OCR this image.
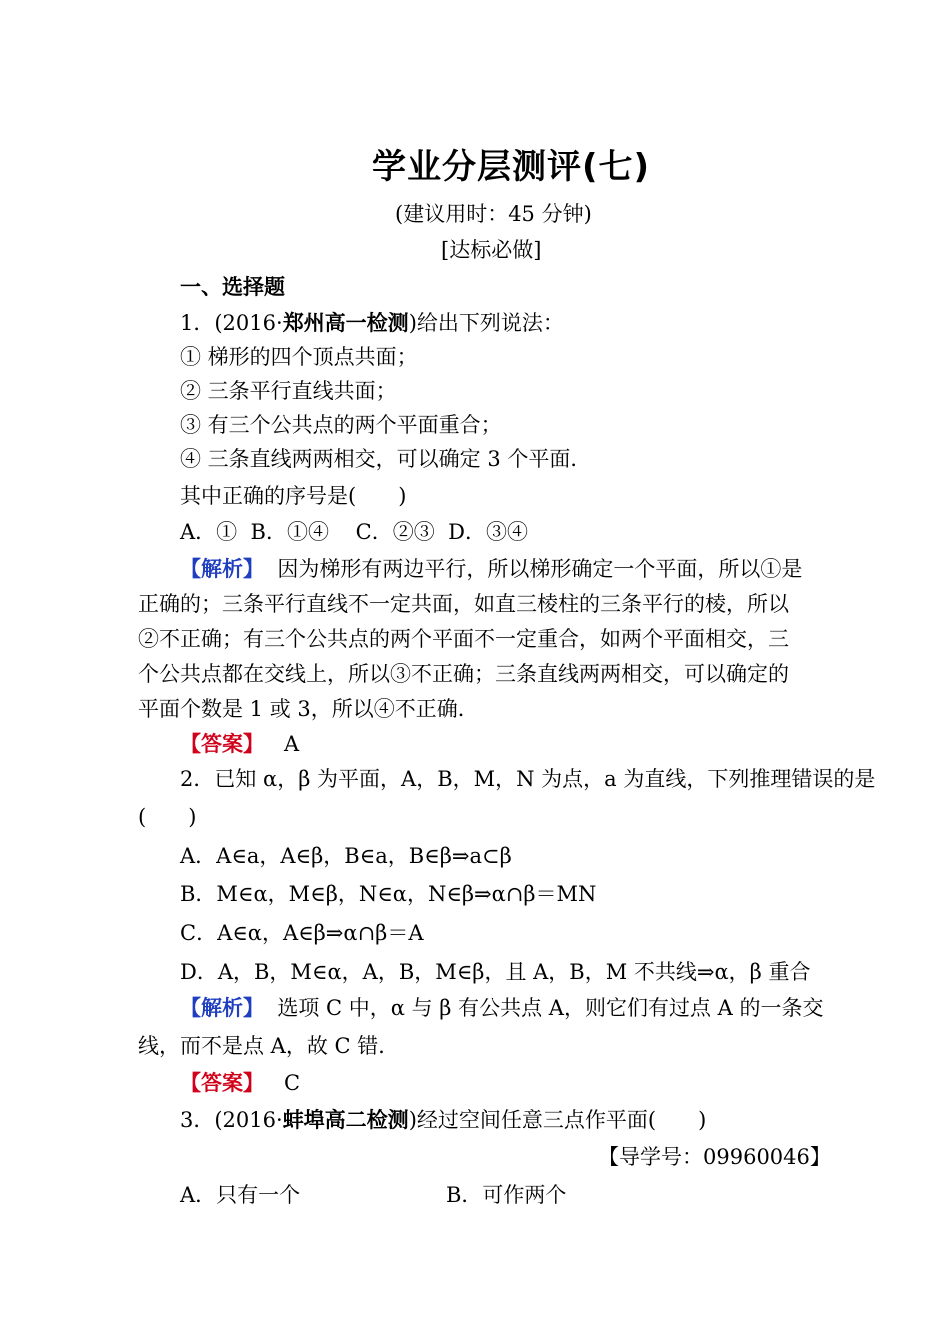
学业分层测评(七)
(建议用时：45 分钟)
[达标必做]
一、选择题
1．(2016·郑州高一检测)给出下列说法：
① 梯形的四个顶点共面；
② 三条平行直线共面；
③ 有三个公共点的两个平面重合；
④ 三条直线两两相交，可以确定 3 个平面．
其中正确的序号是(　　)
A．① B．①④ C．②③ D．③④
【解析】 因为梯形有两边平行，所以梯形确定一个平面，所以①是
正确的；三条平行直线不一定共面，如直三棱柱的三条平行的棱，所以
②不正确；有三个公共点的两个平面不一定重合，如两个平面相交，三
个公共点都在交线上，所以③不正确；三条直线两两相交，可以确定的
平面个数是 1 或 3，所以④不正确．
【答案】 A
2．已知 α，β 为平面，A，B，M，N 为点，a 为直线，下列推理错误的是
(　　)
A．A∈a，A∈β，B∈a，B∈β⇒a⊂β
B．M∈α，M∈β，N∈α，N∈β⇒α∩β＝MN
C．A∈α，A∈β⇒α∩β＝A
D．A，B，M∈α，A，B，M∈β，且 A，B，M 不共线⇒α，β 重合
【解析】 选项 C 中，α 与 β 有公共点 A，则它们有过点 A 的一条交
线，而不是点 A，故 C 错．
【答案】 C
3．(2016·蚌埠高二检测)经过空间任意三点作平面(　　)
【导学号：09960046】
A．只有一个	B．可作两个
